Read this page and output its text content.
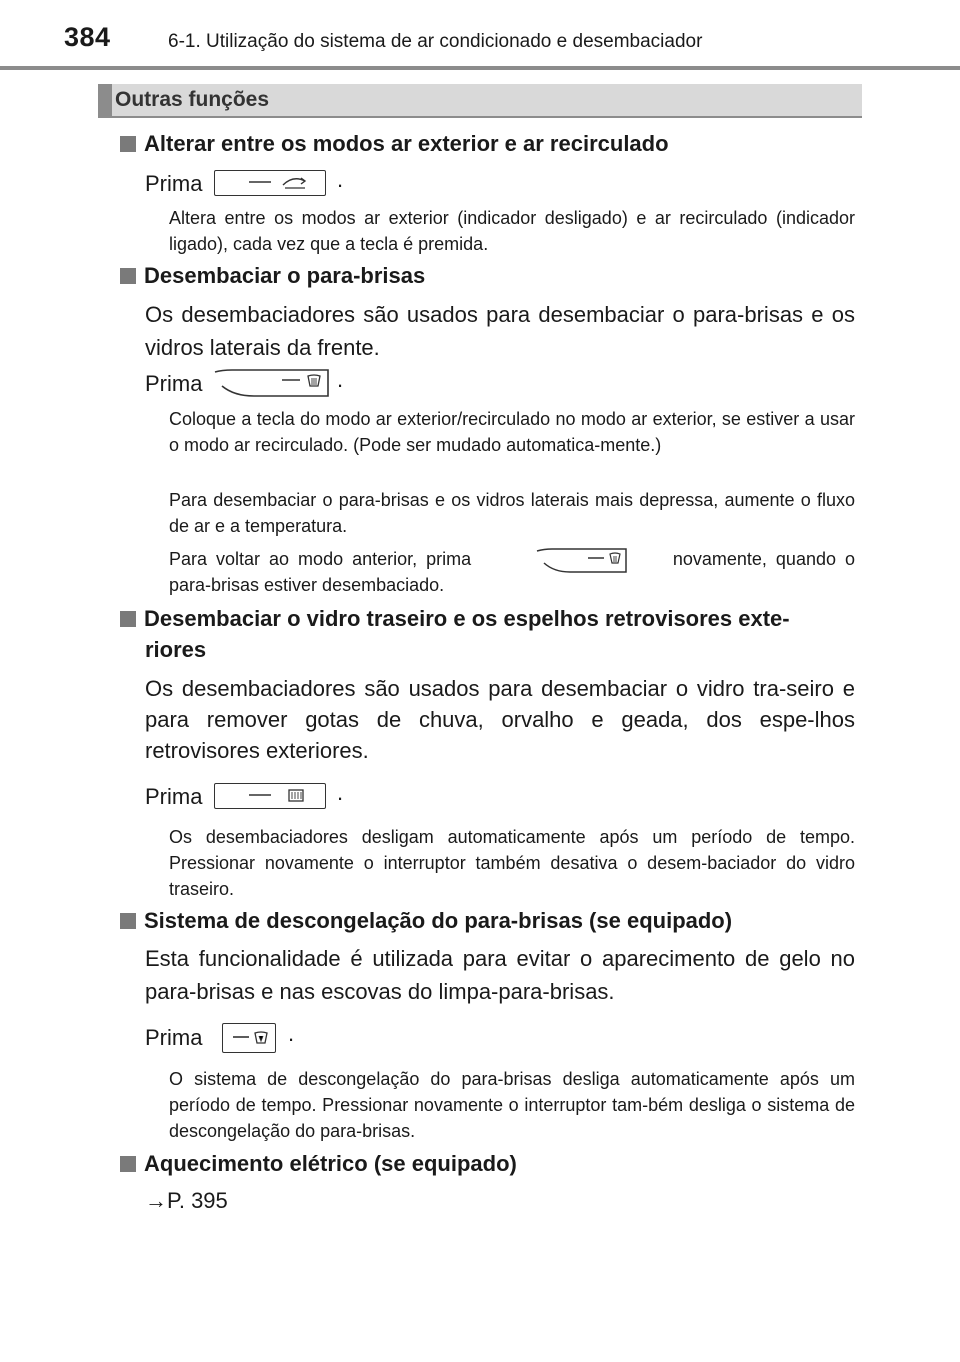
384	6-1. Utilização do sistema de ar condicionado e desembaciador
Outras funções
Alterar entre os modos ar exterior e ar recirculado
Prima	.
Altera entre os modos ar exterior (indicador desligado) e ar recirculado (indicador ligado), cada vez que a tecla é premida.
Desembaciar o para-brisas
Os desembaciadores são usados para desembaciar o para-brisas e os vidros laterais da frente.
Prima	.
Coloque a tecla do modo ar exterior/recirculado no modo ar exterior, se estiver a usar o modo ar recirculado. (Pode ser mudado automatica-mente.)
Para desembaciar o para-brisas e os vidros laterais mais depressa, aumente o fluxo de ar e a temperatura.
Para voltar ao modo anterior, prima	novamente, quando o
para-brisas estiver desembaciado.
Desembaciar o vidro traseiro e os espelhos retrovisores exte-
riores
Os desembaciadores são usados para desembaciar o vidro tra-seiro e para remover gotas de chuva, orvalho e geada, dos espe-lhos retrovisores exteriores.
Prima	.
Os desembaciadores desligam automaticamente após um período de tempo. Pressionar novamente o interruptor também desativa o desem-baciador do vidro traseiro.
Sistema de descongelação do para-brisas (se equipado)
Esta funcionalidade é utilizada para evitar o aparecimento de gelo no para-brisas e nas escovas do limpa-para-brisas.
Prima	.
O sistema de descongelação do para-brisas desliga automaticamente após um período de tempo. Pressionar novamente o interruptor tam-bém desliga o sistema de descongelação do para-brisas.
Aquecimento elétrico (se equipado)
→P. 395
